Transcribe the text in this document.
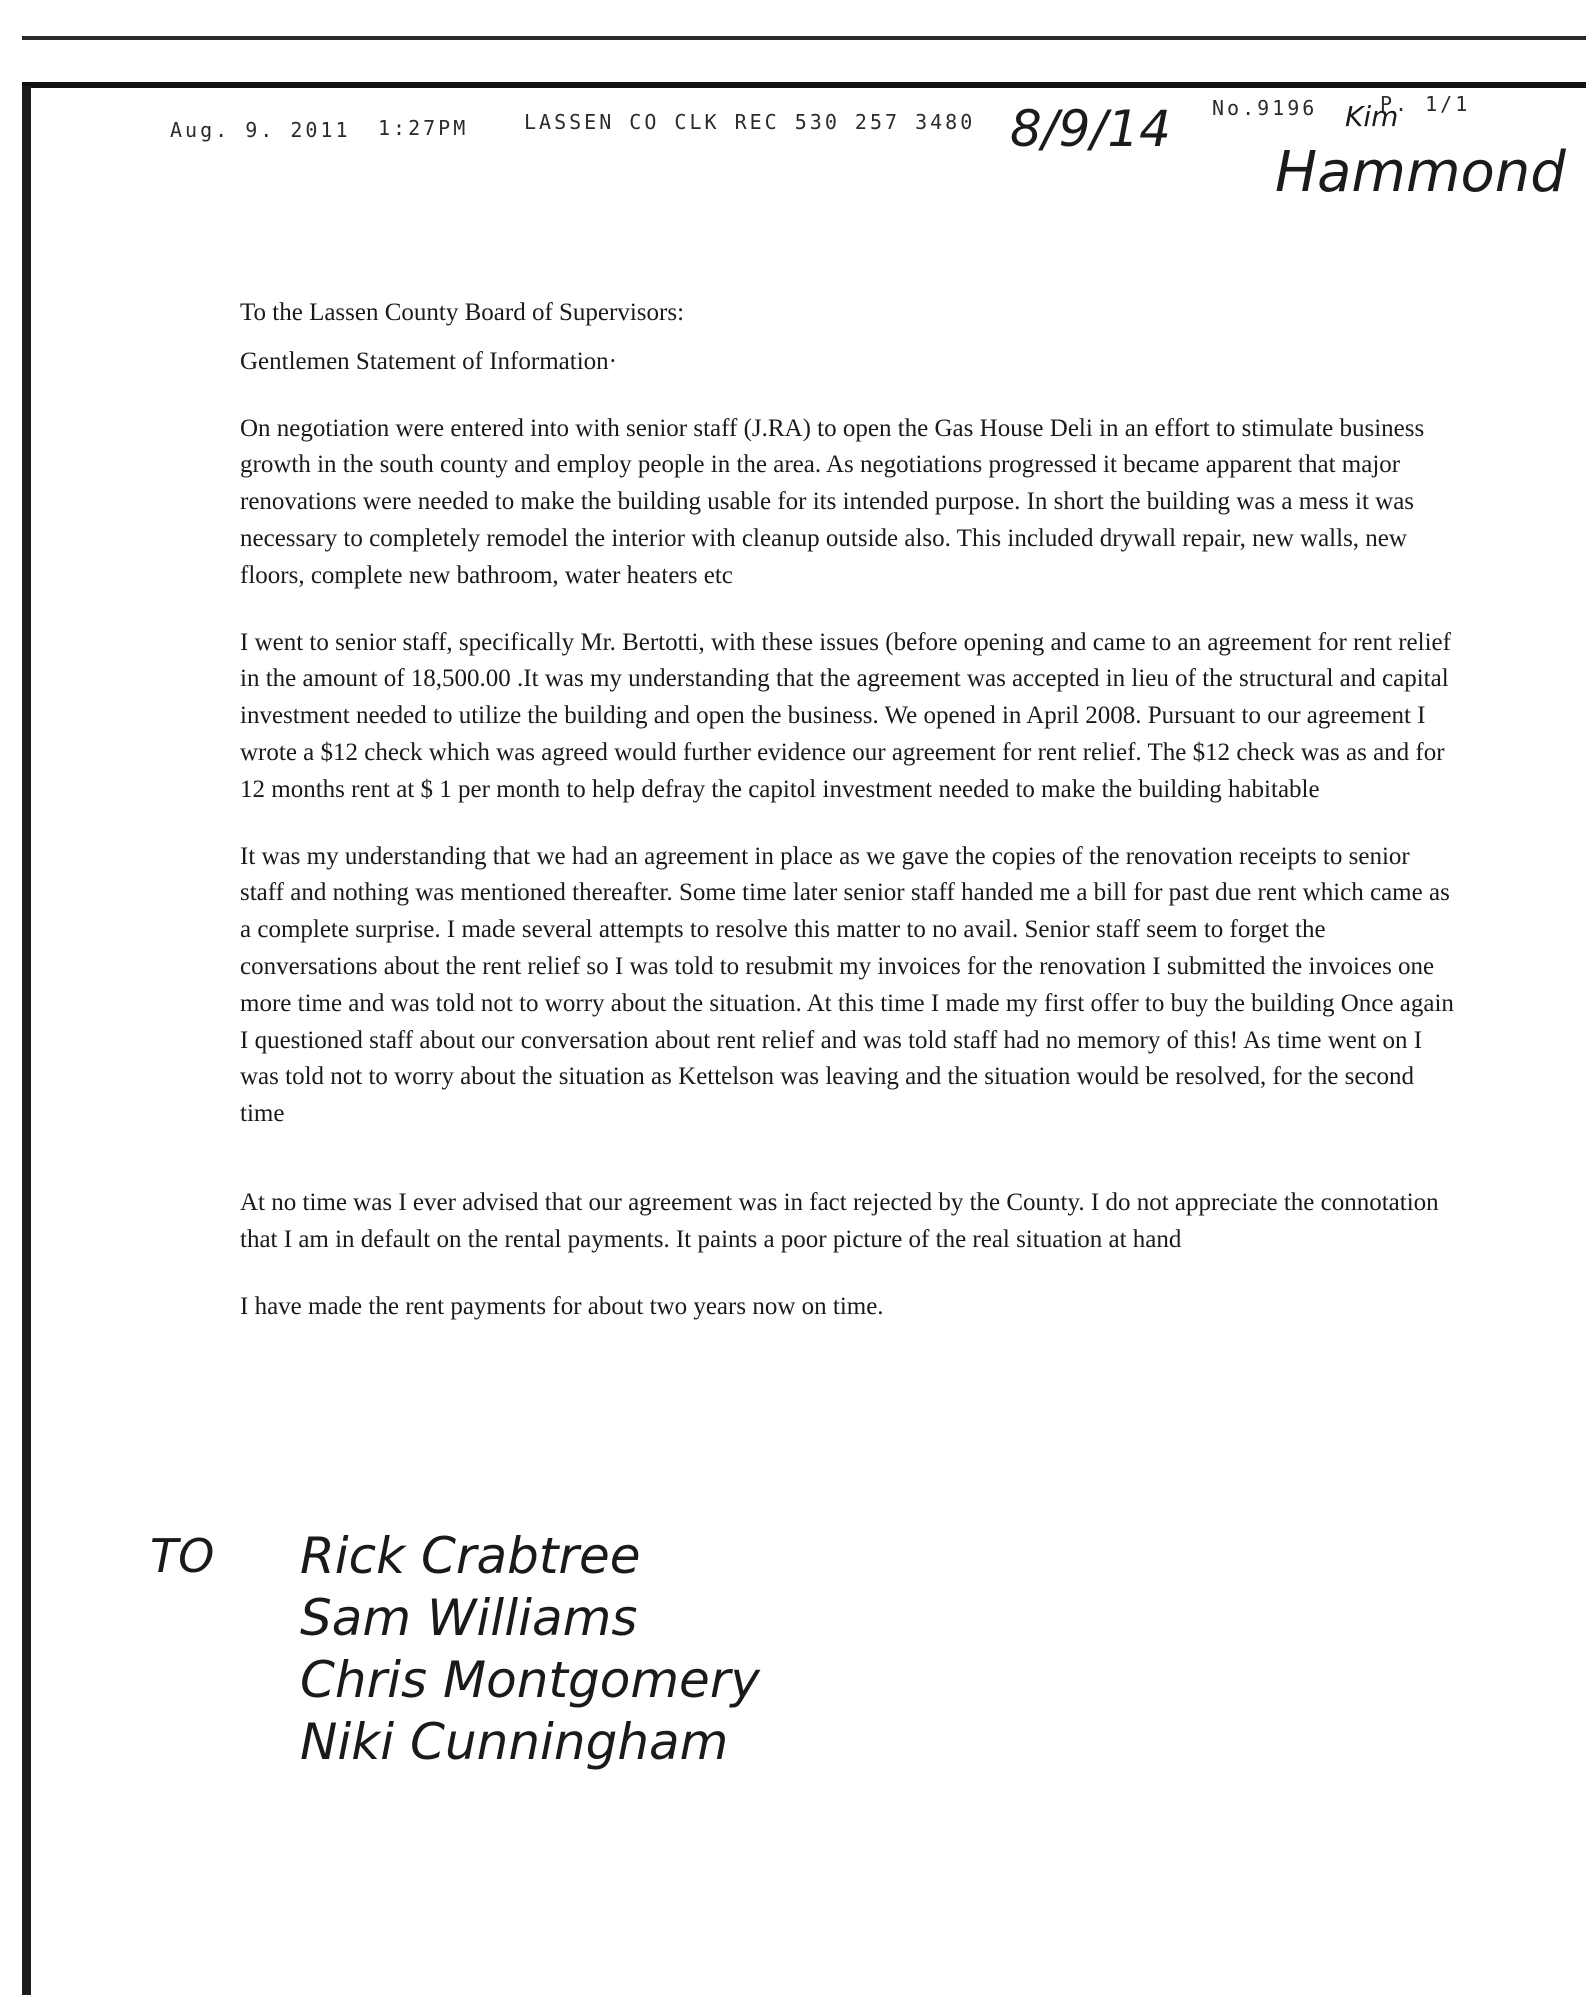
Aug. 9. 2011 1:27PM	LASSEN CO CLK REC 530 257 3480
No.9196	P. 1/1
8/9/14	Kim
Hammond

To the Lassen County Board of Supervisors:

Gentlemen Statement of Information·

On negotiation were entered into with senior staff (J.RA) to open the Gas House Deli in an effort to stimulate business growth in the south county and employ people in the area. As negotiations progressed it became apparent that major renovations were needed to make the building usable for its intended purpose. In short the building was a mess it was necessary to completely remodel the interior with cleanup outside also. This included drywall repair, new walls, new floors, complete new bathroom, water heaters etc

I went to senior staff, specifically Mr. Bertotti, with these issues (before opening and came to an agreement for rent relief in the amount of 18,500.00 .It was my understanding that the agreement was accepted in lieu of the structural and capital investment needed to utilize the building and open the business. We opened in April 2008. Pursuant to our agreement I wrote a $12 check which was agreed would further evidence our agreement for rent relief. The $12 check was as and for 12 months rent at $ 1 per month to help defray the capitol investment needed to make the building habitable

It was my understanding that we had an agreement in place as we gave the copies of the renovation receipts to senior staff and nothing was mentioned thereafter. Some time later senior staff handed me a bill for past due rent which came as a complete surprise. I made several attempts to resolve this matter to no avail. Senior staff seem to forget the conversations about the rent relief so I was told to resubmit my invoices for the renovation I submitted the invoices one more time and was told not to worry about the situation. At this time I made my first offer to buy the building Once again I questioned staff about our conversation about rent relief and was told staff had no memory of this! As time went on I was told not to worry about the situation as Kettelson was leaving and the situation would be resolved, for the second time

At no time was I ever advised that our agreement was in fact rejected by the County. I do not appreciate the connotation that I am in default on the rental payments. It paints a poor picture of the real situation at hand

I have made the rent payments for about two years now on time.

TO	Rick Crabtree
Sam Williams
Chris Montgomery
Niki Cunningham
